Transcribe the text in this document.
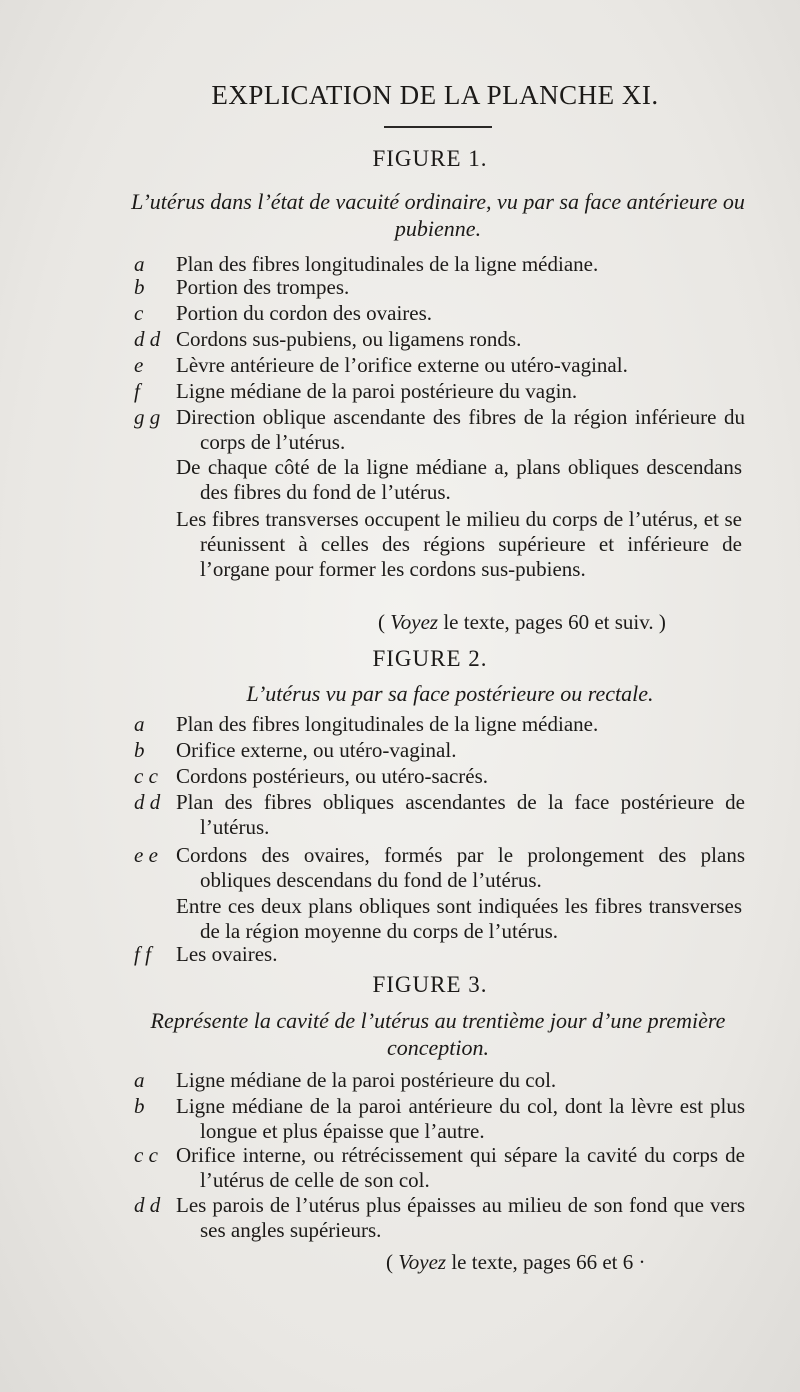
EXPLICATION DE LA PLANCHE XI.
FIGURE 1.
L’utérus dans l’état de vacuité ordinaire, vu par sa face antérieure ou pubienne.
a	Plan des fibres longitudinales de la ligne médiane.
b	Portion des trompes.
c	Portion du cordon des ovaires.
d d Cordons sus-pubiens, ou ligamens ronds.
e	Lèvre antérieure de l’orifice externe ou utéro-vaginal.
f	Ligne médiane de la paroi postérieure du vagin.
g g Direction oblique ascendante des fibres de la région inférieure du corps de l’utérus.
De chaque côté de la ligne médiane a, plans obliques descendans des fibres du fond de l’utérus.
Les fibres transverses occupent le milieu du corps de l’utérus, et se réunissent à celles des régions supérieure et inférieure de l’organe pour former les cordons sus-pubiens.
( Voyez le texte, pages 60 et suiv. )
FIGURE 2.
L’utérus vu par sa face postérieure ou rectale.
a	Plan des fibres longitudinales de la ligne médiane.
b	Orifice externe, ou utéro-vaginal.
c c Cordons postérieurs, ou utéro-sacrés.
d d Plan des fibres obliques ascendantes de la face postérieure de l’utérus.
e e Cordons des ovaires, formés par le prolongement des plans obliques descendans du fond de l’utérus.
Entre ces deux plans obliques sont indiquées les fibres transverses de la région moyenne du corps de l’utérus.
f f	Les ovaires.
FIGURE 3.
Représente la cavité de l’utérus au trentième jour d’une première conception.
a	Ligne médiane de la paroi postérieure du col.
b	Ligne médiane de la paroi antérieure du col, dont la lèvre est plus longue et plus épaisse que l’autre.
c c Orifice interne, ou rétrécissement qui sépare la cavité du corps de l’utérus de celle de son col.
d d Les parois de l’utérus plus épaisses au milieu de son fond que vers ses angles supérieurs.
( Voyez le texte, pages 66 et 6 ·
